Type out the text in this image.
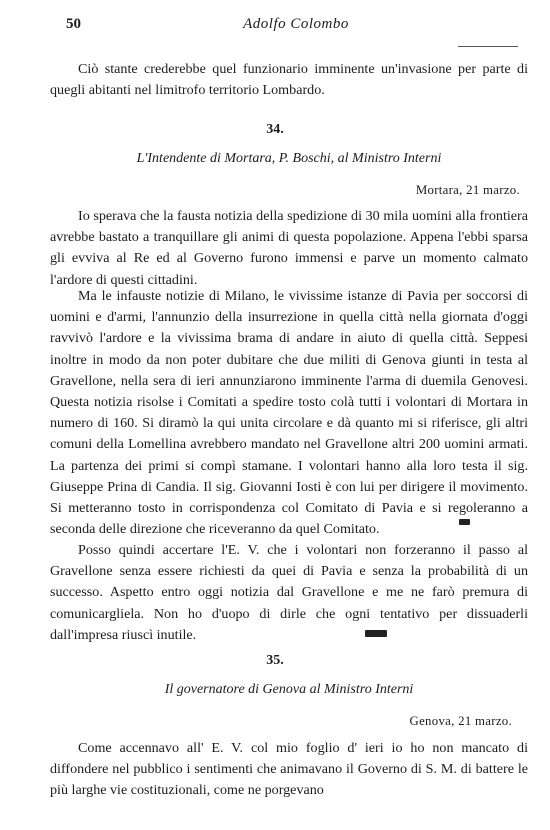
50	Adolfo Colombo

Ciò stante crederebbe quel funzionario imminente un'invasione per parte di quegli abitanti nel limitrofo territorio Lombardo.

34.
L'Intendente di Mortara, P. Boschi, al Ministro Interni
Mortara, 21 marzo.

Io sperava che la fausta notizia della spedizione di 30 mila uomini alla frontiera avrebbe bastato a tranquillare gli animi di questa popolazione. Appena l'ebbi sparsa gli evviva al Re ed al Governo furono immensi e parve un momento calmato l'ardore di questi cittadini.

Ma le infauste notizie di Milano, le vivissime istanze di Pavia per soccorsi di uomini e d'armi, l'annunzio della insurrezione in quella città nella giornata d'oggi ravvivò l'ardore e la vivissima brama di andare in aiuto di quella città. Seppesi inoltre in modo da non poter dubitare che due militi di Genova giunti in testa al Gravellone, nella sera di ieri annunziarono imminente l'arma di duemila Genovesi. Questa notizia risolse i Comitati a spedire tosto colà tutti i volontari di Mortara in numero di 160. Si diramò la qui unita circolare e dà quanto mi si riferisce, gli altri comuni della Lomellina avrebbero mandato nel Gravellone altri 200 uomini armati. La partenza dei primi si compì stamane. I volontari hanno alla loro testa il sig. Giuseppe Prina di Candia. Il sig. Giovanni Iosti è con lui per dirigere il movimento. Si metteranno tosto in corrispondenza col Comitato di Pavia e si regoleranno a seconda delle direzione che riceveranno da quel Comitato.

Posso quindi accertare l'E. V. che i volontari non forzeranno il passo al Gravellone senza essere richiesti da quei di Pavia e senza la probabilità di un successo. Aspetto entro oggi notizia dal Gravellone e me ne farò premura di comunicargliela. Non ho d'uopo di dirle che ogni tentativo per dissuaderli dall'impresa riuscì inutile.

35.
Il governatore di Genova al Ministro Interni
Genova, 21 marzo.

Come accennavo all' E. V. col mio foglio d' ieri io ho non mancato di diffondere nel pubblico i sentimenti che animavano il Governo di S. M. di battere le più larghe vie costituzionali, come ne porgevano
